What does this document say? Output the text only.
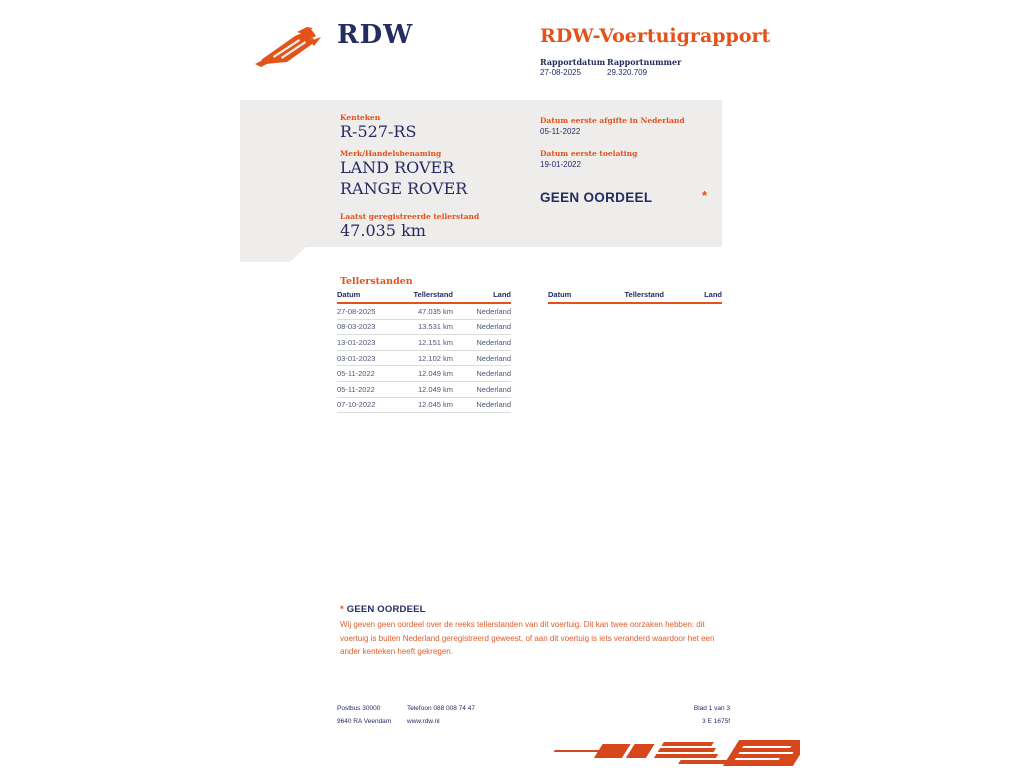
RDW	RDW-Voertuigrapport
Rapportdatum
27-08-2025
Rapportnummer
29.320.709
Kenteken
R-527-RS
Merk/Handelsbenaming
LAND ROVER
RANGE ROVER
Laatst geregistreerde tellerstand
47.035 km
Datum eerste afgifte in Nederland
05-11-2022
Datum eerste toelating
19-01-2022
GEEN OORDEEL	*
Tellerstanden
Datum	Tellerstand	Land
27-08-2025	47.035 km	Nederland
08-03-2023	13.531 km	Nederland
13-01-2023	12.151 km	Nederland
03-01-2023	12.102 km	Nederland
05-11-2022	12.049 km	Nederland
05-11-2022	12.049 km	Nederland
07-10-2022	12.045 km	Nederland
Datum	Tellerstand	Land
* GEEN OORDEEL
Wij geven geen oordeel over de reeks tellerstanden van dit voertuig. Dit kan twee oorzaken hebben: dit voertuig is buiten Nederland geregistreerd geweest, of aan dit voertuig is iets veranderd waardoor het een ander kenteken heeft gekregen.
Postbus 30000
9640 RA Veendam
Telefoon 088 008 74 47
www.rdw.nl
Blad 1 van 3
3 E 1675f
